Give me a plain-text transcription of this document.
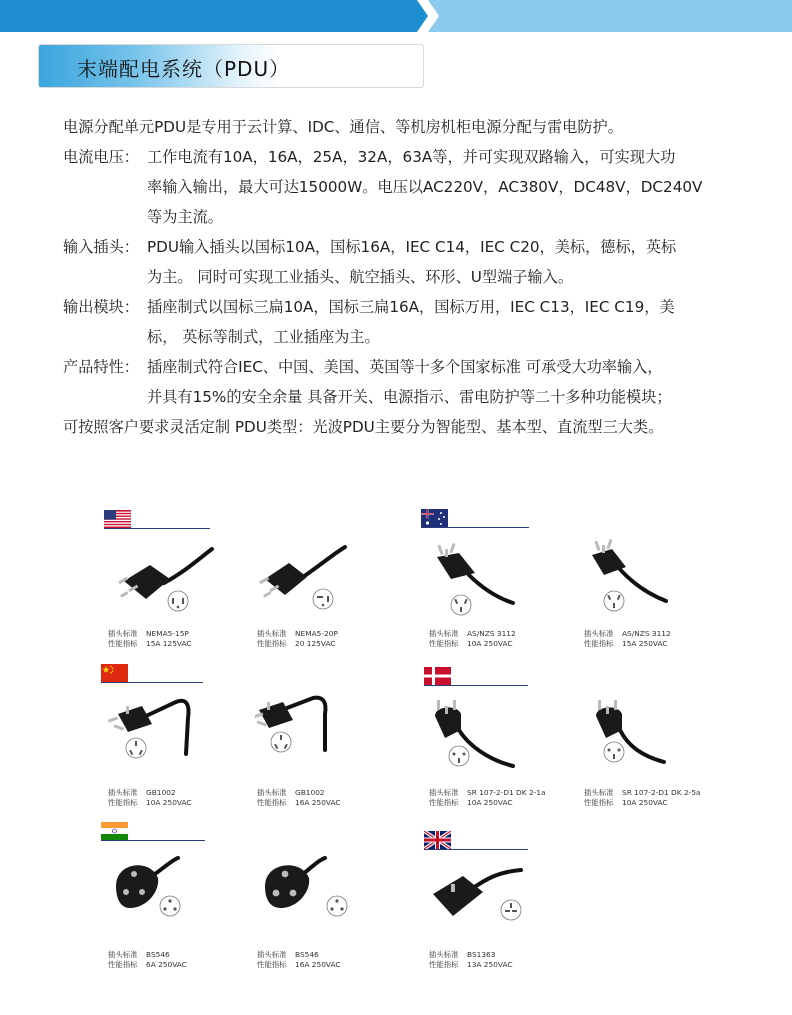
末端配电系统（PDU）
电源分配单元PDU是专用于云计算、IDC、通信、等机房机柜电源分配与雷电防护。
电流电压： 工作电流有10A，16A，25A，32A，63A等，并可实现双路输入，可实现大功
率输入输出，最大可达15000W。电压以AC220V，AC380V，DC48V，DC240V
等为主流。
输入插头： PDU输入插头以国标10A，国标16A，IEC C14，IEC C20，美标，德标，英标
为主。 同时可实现工业插头、航空插头、环形、U型端子输入。
输出模块： 插座制式以国标三扁10A，国标三扁16A，国标万用，IEC C13，IEC C19，美
标， 英标等制式，工业插座为主。
产品特性： 插座制式符合IEC、中国、美国、英国等十多个国家标准 可承受大功率输入，
并具有15%的安全余量 具备开关、电源指示、雷电防护等二十多种功能模块；
可按照客户要求灵活定制 PDU类型：光波PDU主要分为智能型、基本型、直流型三大类。
插头标准 NEMA5-15P
性能指标 15A 125VAC
插头标准 NEMA5-20P
性能指标 20 125VAC
插头标准 AS/NZS 3112
性能指标 10A 250VAC
插头标准 AS/NZS 3112
性能指标 15A 250VAC
插头标准 GB1002
性能指标 10A 250VAC
插头标准 GB1002
性能指标 16A 250VAC
插头标准 SR 107-2-D1 DK 2-1a
性能指标 10A 250VAC
插头标准 SR 107-2-D1 DK 2-5a
性能指标 10A 250VAC
插头标准 BS546
性能指标 6A 250VAC
插头标准 BS546
性能指标 16A 250VAC
插头标准 BS1363
性能指标 13A 250VAC
